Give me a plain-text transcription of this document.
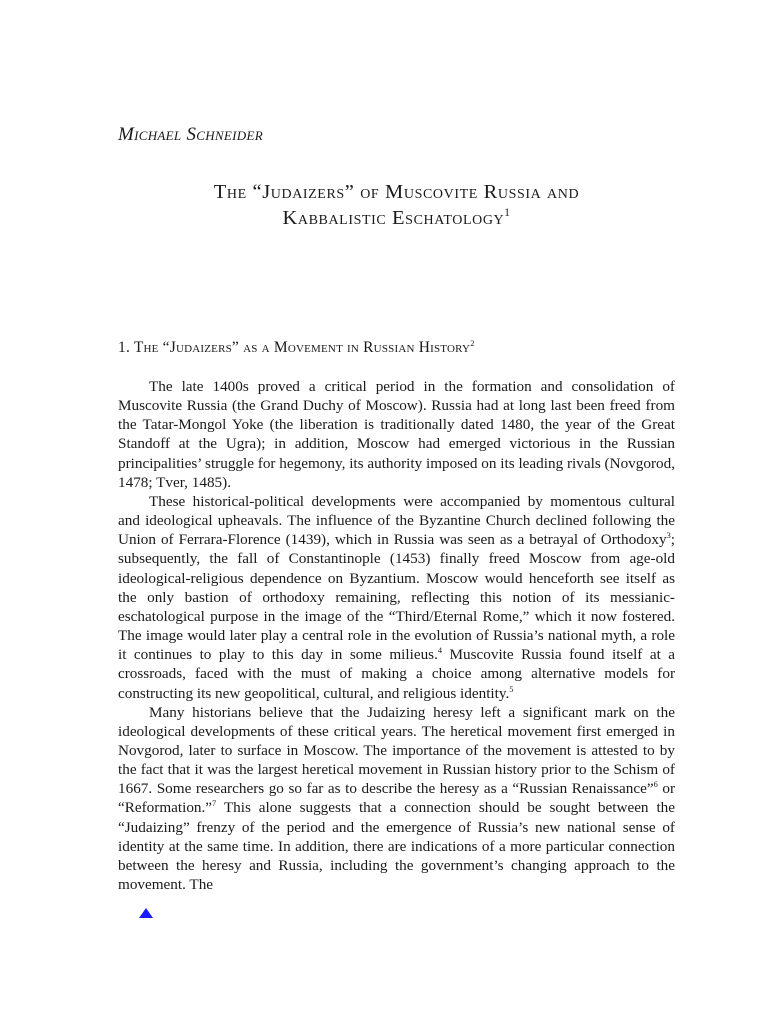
Michael Schneider
The “Judaizers” of Muscovite Russia and
Kabbalistic Eschatology$^1$
1. The “Judaizers” as a Movement in Russian History$^2$

The late 1400s proved a critical period in the formation and consolidation of Muscovite Russia (the Grand Duchy of Moscow). Russia had at long last been freed from the Tatar-Mongol Yoke (the liberation is traditionally dated 1480, the year of the Great Standoff at the Ugra); in addition, Moscow had emerged victorious in the Russian principalities’ struggle for hegemony, its authority imposed on its leading rivals (Novgorod, 1478; Tver, 1485).

These historical-political developments were accompanied by momentous cultural and ideological upheavals. The influence of the Byzantine Church declined following the Union of Ferrara-Florence (1439), which in Russia was seen as a betrayal of Orthodoxy$^3$; subsequently, the fall of Constantinople (1453) finally freed Moscow from age-old ideological-religious dependence on Byzantium. Moscow would henceforth see itself as the only bastion of orthodoxy remaining, reflecting this notion of its messianic-eschatological purpose in the image of the “Third/Eternal Rome,” which it now fostered. The image would later play a central role in the evolution of Russia’s national myth, a role it continues to play to this day in some milieus.$^4$ Muscovite Russia found itself at a crossroads, faced with the must of making a choice among alternative models for constructing its new geopolitical, cultural, and religious identity.$^5$

Many historians believe that the Judaizing heresy left a significant mark on the ideological developments of these critical years. The heretical movement first emerged in Novgorod, later to surface in Moscow. The importance of the movement is attested to by the fact that it was the largest heretical movement in Russian history prior to the Schism of 1667. Some researchers go so far as to describe the heresy as a “Russian Renaissance”$^6$ or “Reformation.”$^7$ This alone suggests that a connection should be sought between the “Judaizing” frenzy of the period and the emergence of Russia’s new national sense of identity at the same time. In addition, there are indications of a more particular connection between the heresy and Russia, including the government’s changing approach to the movement. The
